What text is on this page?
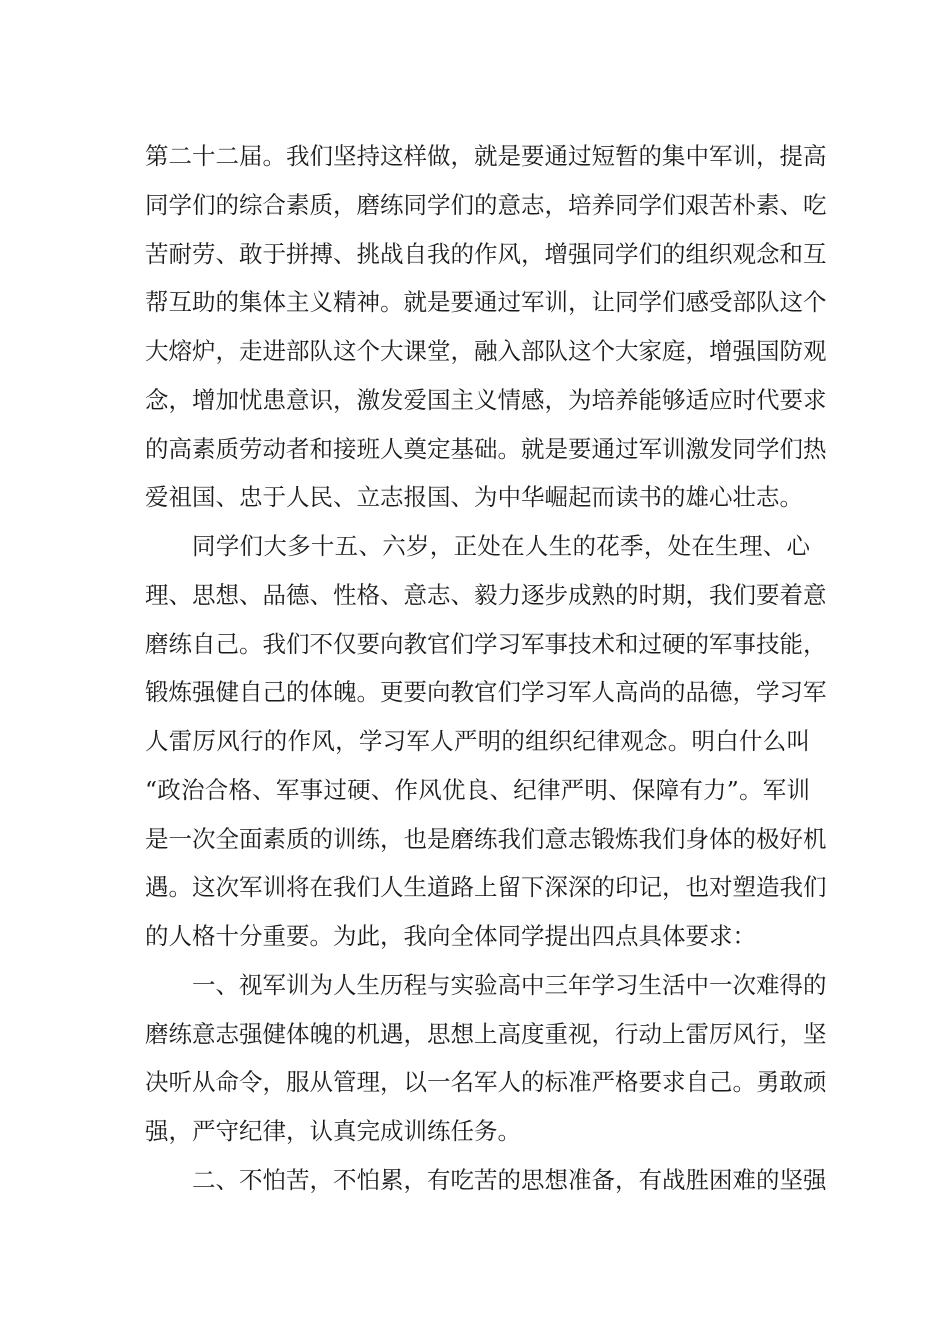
第二十二届。我们坚持这样做，就是要通过短暂的集中军训，提高
同学们的综合素质，磨练同学们的意志，培养同学们艰苦朴素、吃
苦耐劳、敢于拼搏、挑战自我的作风，增强同学们的组织观念和互
帮互助的集体主义精神。就是要通过军训，让同学们感受部队这个
大熔炉，走进部队这个大课堂，融入部队这个大家庭，增强国防观
念，增加忧患意识，激发爱国主义情感，为培养能够适应时代要求
的高素质劳动者和接班人奠定基础。就是要通过军训激发同学们热
爱祖国、忠于人民、立志报国、为中华崛起而读书的雄心壮志。
同学们大多十五、六岁，正处在人生的花季，处在生理、心
理、思想、品德、性格、意志、毅力逐步成熟的时期，我们要着意
磨练自己。我们不仅要向教官们学习军事技术和过硬的军事技能，
锻炼强健自己的体魄。更要向教官们学习军人高尚的品德，学习军
人雷厉风行的作风，学习军人严明的组织纪律观念。明白什么叫
“政治合格、军事过硬、作风优良、纪律严明、保障有力”。军训
是一次全面素质的训练，也是磨练我们意志锻炼我们身体的极好机
遇。这次军训将在我们人生道路上留下深深的印记，也对塑造我们
的人格十分重要。为此，我向全体同学提出四点具体要求：
一、视军训为人生历程与实验高中三年学习生活中一次难得的
磨练意志强健体魄的机遇，思想上高度重视，行动上雷厉风行，坚
决听从命令，服从管理，以一名军人的标准严格要求自己。勇敢顽
强，严守纪律，认真完成训练任务。
二、不怕苦，不怕累，有吃苦的思想准备，有战胜困难的坚强
